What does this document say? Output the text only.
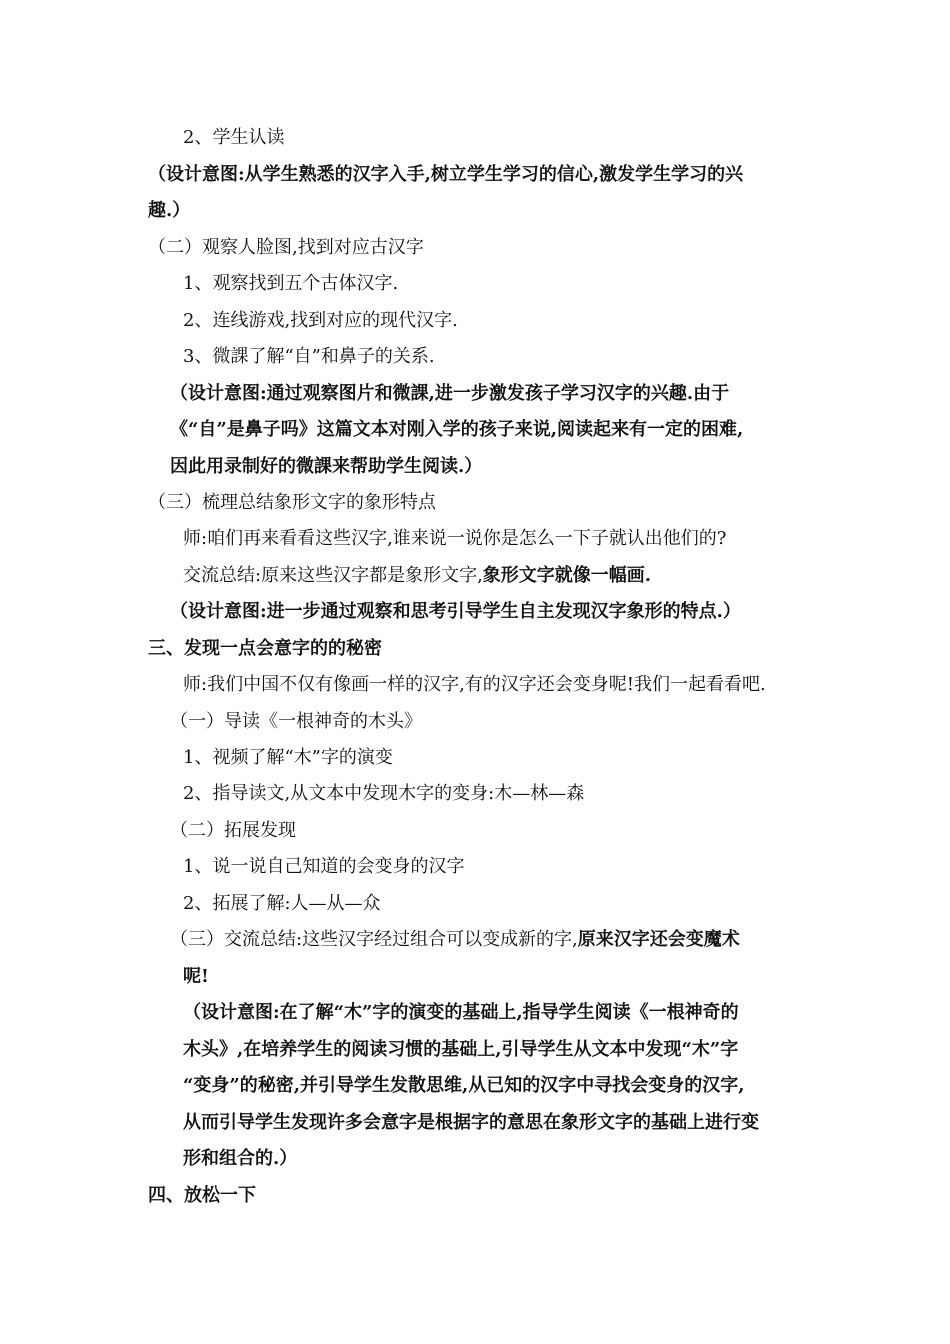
2、学生认读
（设计意图:从学生熟悉的汉字入手,树立学生学习的信心,激发学生学习的兴
趣.）
（二）观察人脸图,找到对应古汉字
1、观察找到五个古体汉字.
2、连线游戏,找到对应的现代汉字.
3、微課了解“自”和鼻子的关系.
（设计意图:通过观察图片和微課,进一步激发孩子学习汉字的兴趣.由于
《“自”是鼻子吗》这篇文本对刚入学的孩子来说,阅读起来有一定的困难,
因此用录制好的微課来帮助学生阅读.）
（三）梳理总结象形文字的象形特点
师:咱们再来看看这些汉字,谁来说一说你是怎么一下子就认出他们的?
交流总结:原来这些汉字都是象形文字,象形文字就像一幅画.
（设计意图:进一步通过观察和思考引导学生自主发现汉字象形的特点.）
三、发现一点会意字的的秘密
师:我们中国不仅有像画一样的汉字,有的汉字还会变身呢!我们一起看看吧.
（一）导读《一根神奇的木头》
1、视频了解“木”字的演变
2、指导读文,从文本中发现木字的变身:木—林—森
（二）拓展发现
1、说一说自己知道的会变身的汉字
2、拓展了解:人—从—众
（三）交流总结:这些汉字经过组合可以变成新的字,原来汉字还会变魔术
呢!
（设计意图:在了解“木”字的演变的基础上,指导学生阅读《一根神奇的
木头》,在培养学生的阅读习惯的基础上,引导学生从文本中发现“木”字
“变身”的秘密,并引导学生发散思维,从已知的汉字中寻找会变身的汉字,
从而引导学生发现许多会意字是根据字的意思在象形文字的基础上进行变
形和组合的.）
四、放松一下
